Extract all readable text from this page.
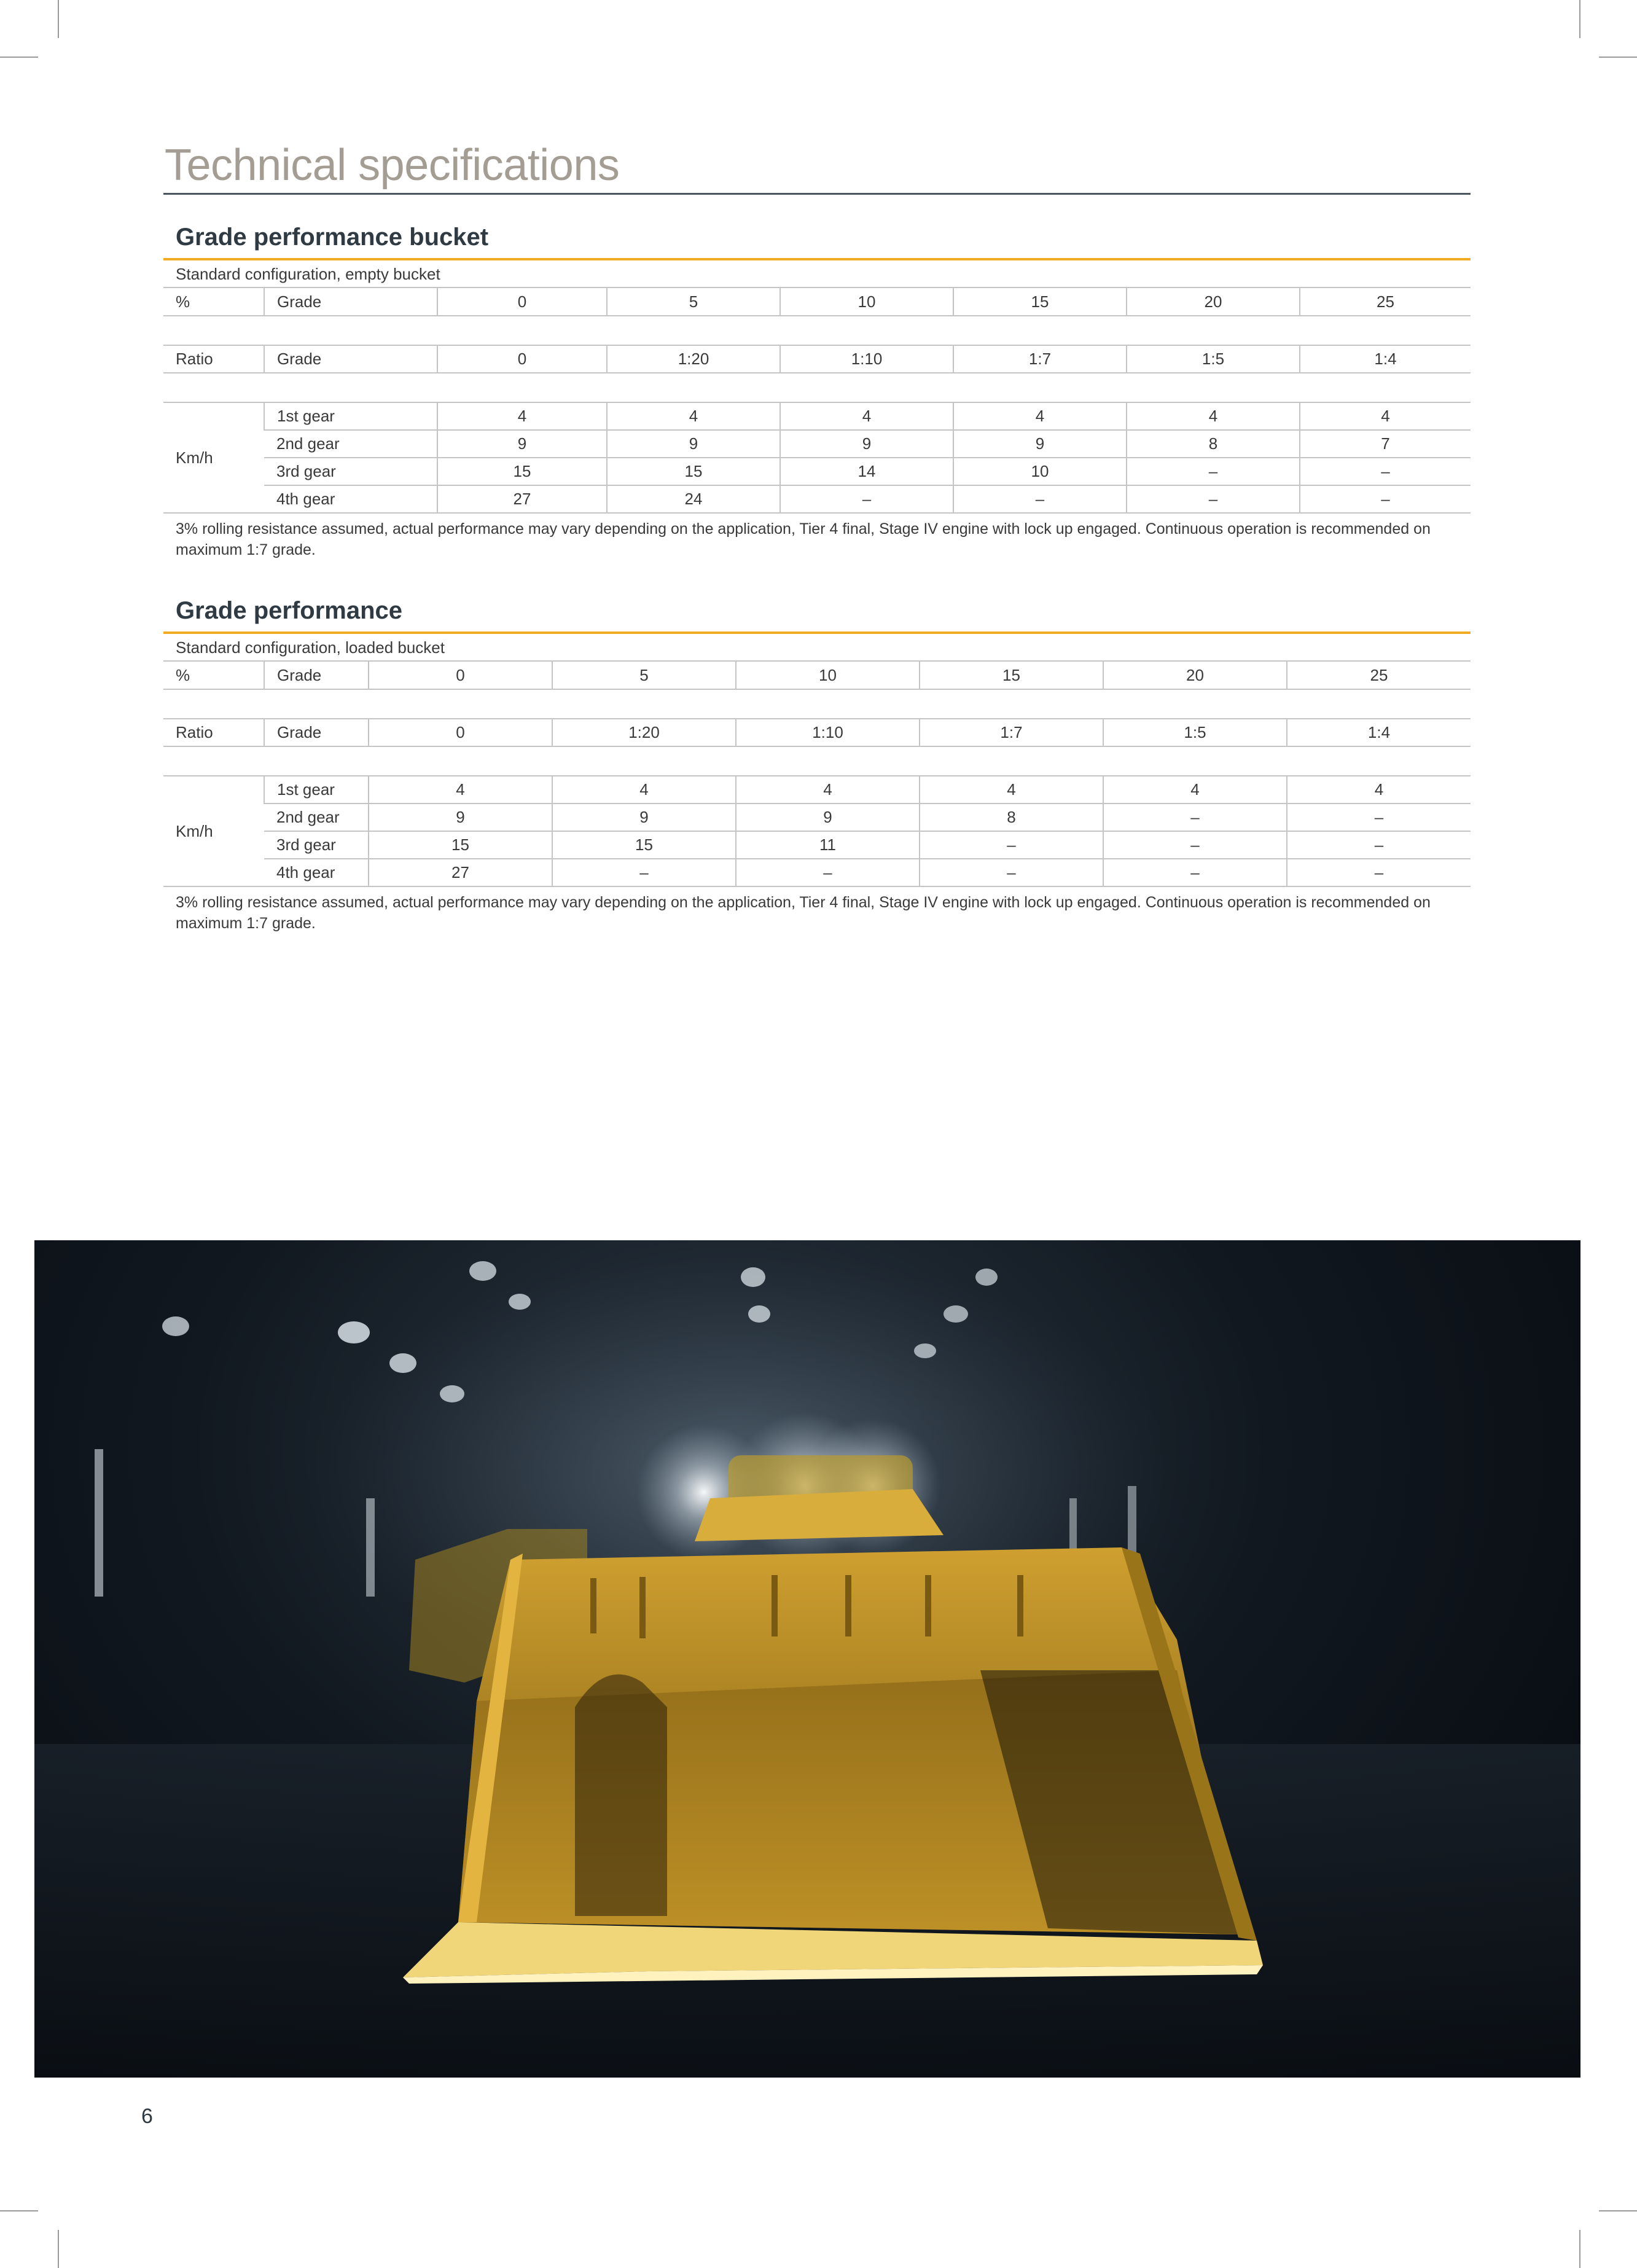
Technical specifications
Grade performance bucket
Standard configuration, empty bucket
%	Grade	0	5	10	15	20	25

Ratio	Grade	0	1:20	1:10	1:7	1:5	1:4

Km/h	1st gear	4	4	4	4	4	4
	2nd gear	9	9	9	9	8	7
	3rd gear	15	15	14	10	–	–
	4th gear	27	24	–	–	–	–
3% rolling resistance assumed, actual performance may vary depending on the application, Tier 4 final, Stage IV engine with lock up engaged. Continuous operation is recommended on maximum 1:7 grade.
Grade performance
Standard configuration, loaded bucket
%	Grade	0	5	10	15	20	25

Ratio	Grade	0	1:20	1:10	1:7	1:5	1:4

Km/h	1st gear	4	4	4	4	4	4
	2nd gear	9	9	9	8	–	–
	3rd gear	15	15	11	–	–	–
	4th gear	27	–	–	–	–	–
3% rolling resistance assumed, actual performance may vary depending on the application, Tier 4 final, Stage IV engine with lock up engaged. Continuous operation is recommended on maximum 1:7 grade.
6
